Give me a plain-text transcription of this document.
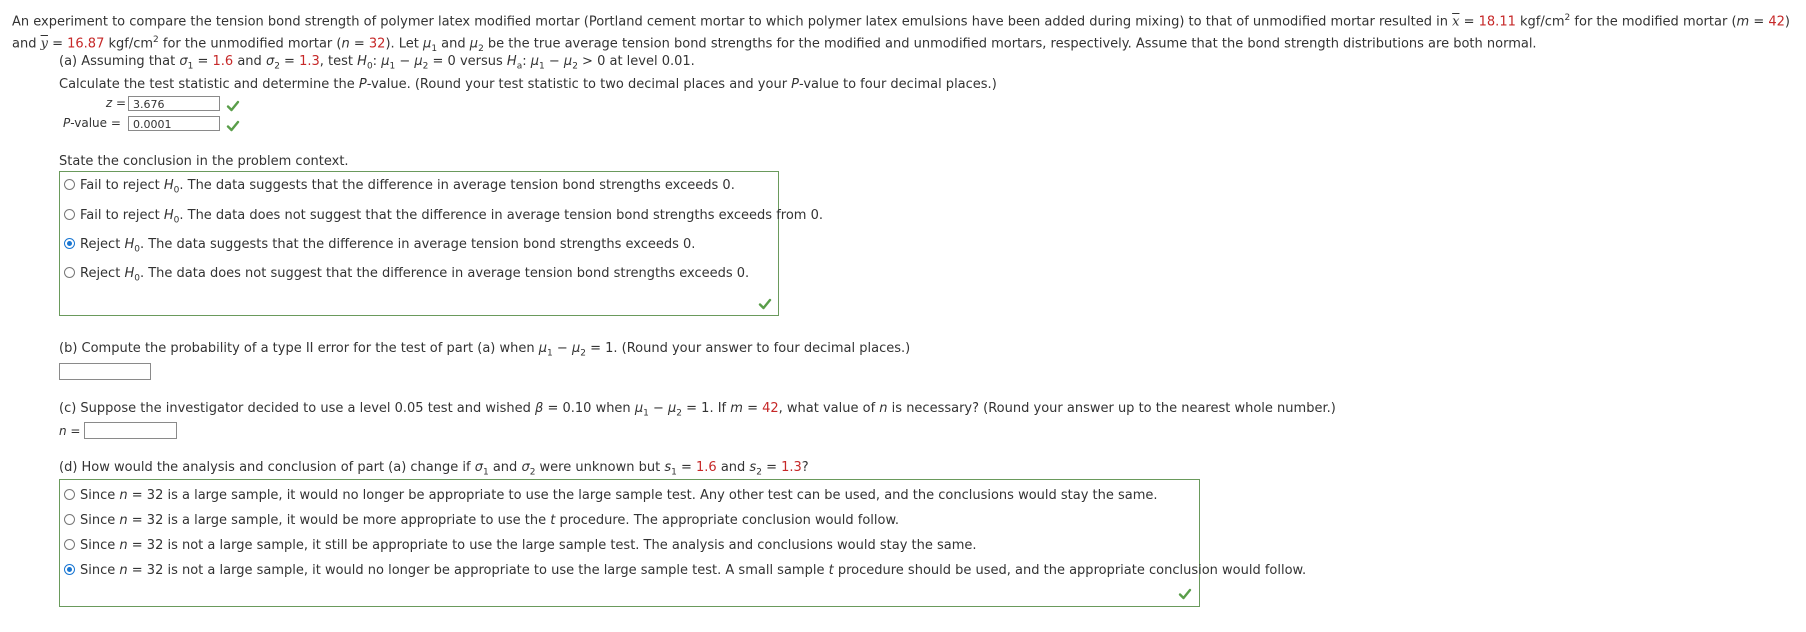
An experiment to compare the tension bond strength of polymer latex modified mortar (Portland cement mortar to which polymer latex emulsions have been added during mixing) to that of unmodified mortar resulted in $\overline{x} = 18.11$ kgf/$cm^2$ for the modified mortar (m = 42) and $\overline{y} = 16.87$ kgf/$cm^2$ for the unmodified mortar (n = 32). Let $\mu_1$ and $\mu_2$ be the true average tension bond strengths for the modified and unmodified mortars, respectively. Assume that the bond strength distributions are both normal.
(a) Assuming that $\sigma_1 = 1.6$ and $\sigma_2 = 1.3$, test $H_0$: $\mu_1 - \mu_2 = 0$ versus $H_a$: $\mu_1 - \mu_2 > 0$ at level 0.01.
Calculate the test statistic and determine the P-value. (Round your test statistic to two decimal places and your P-value to four decimal places.)
z = 3.676
P-value =	0.0001
State the conclusion in the problem context.
Fail to reject $H_0$. The data suggests that the difference in average tension bond strengths exceeds 0.
Fail to reject $H_0$. The data does not suggest that the difference in average tension bond strengths exceeds from 0.
Reject $H_0$. The data suggests that the difference in average tension bond strengths exceeds 0.
Reject $H_0$. The data does not suggest that the difference in average tension bond strengths exceeds 0.
(b) Compute the probability of a type II error for the test of part (a) when $\mu_1 - \mu_2 = 1$. (Round your answer to four decimal places.)
(c) Suppose the investigator decided to use a level 0.05 test and wished β = 0.10 when $\mu_1 - \mu_2 = 1$. If m = 42, what value of n is necessary? (Round your answer up to the nearest whole number.)
n =
(d) How would the analysis and conclusion of part (a) change if $\sigma_1$ and $\sigma_2$ were unknown but $s_1 = 1.6$ and $s_2 = 1.3$?
Since n = 32 is a large sample, it would no longer be appropriate to use the large sample test. Any other test can be used, and the conclusions would stay the same.
Since n = 32 is a large sample, it would be more appropriate to use the t procedure. The appropriate conclusion would follow.
Since n = 32 is not a large sample, it still be appropriate to use the large sample test. The analysis and conclusions would stay the same.
Since n = 32 is not a large sample, it would no longer be appropriate to use the large sample test. A small sample t procedure should be used, and the appropriate conclusion would follow.
